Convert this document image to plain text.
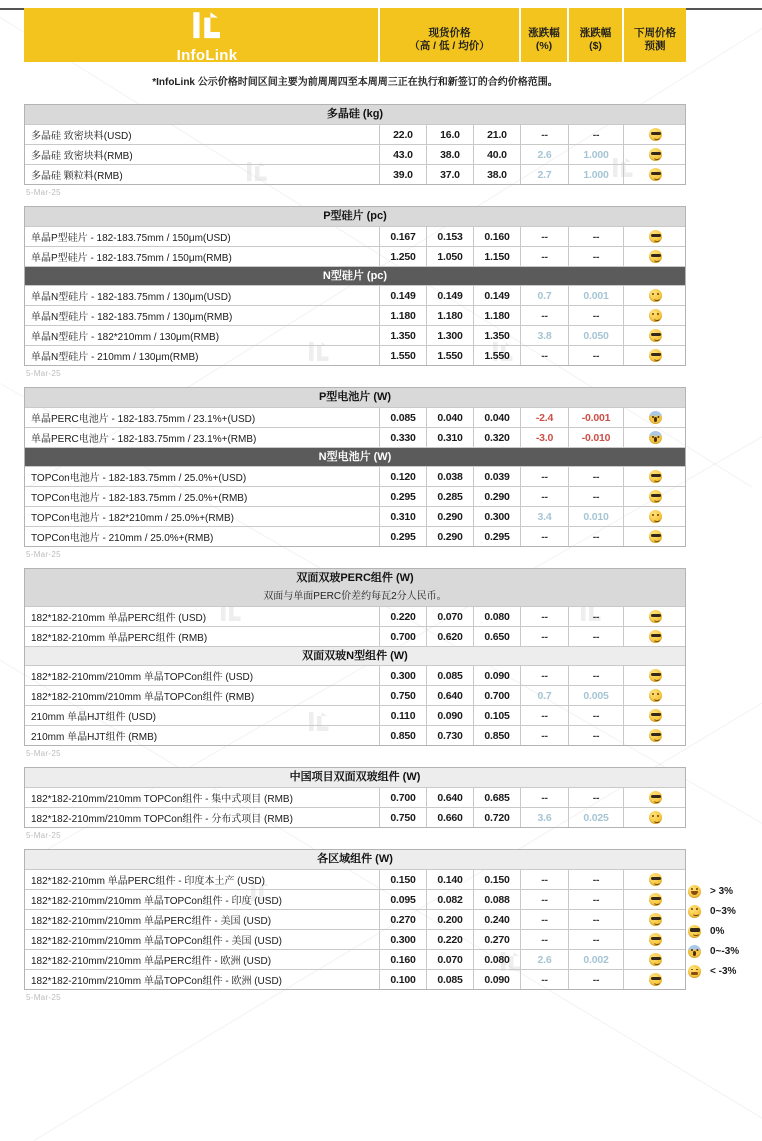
InfoLink
CONSULTING
现货价格
（高 / 低 / 均价）
涨跌幅
(%)
涨跌幅
($)
下周价格
预测
*InfoLink 公示价格时间区间主要为前周周四至本周周三正在执行和新签订的合约价格范围。
多晶硅 (kg)
多晶硅 致密块料(USD)	22.0	16.0	21.0	--	--
多晶硅 致密块料(RMB)	43.0	38.0	40.0	2.6	1.000
多晶硅 颗粒料(RMB)	39.0	37.0	38.0	2.7	1.000
5-Mar-25
P型硅片 (pc)
单晶P型硅片 - 182-183.75mm / 150μm(USD)	0.167	0.153	0.160	--	--
单晶P型硅片 - 182-183.75mm / 150μm(RMB)	1.250	1.050	1.150	--	--
N型硅片 (pc)
单晶N型硅片 - 182-183.75mm / 130μm(USD)	0.149	0.149	0.149	0.7	0.001
单晶N型硅片 - 182-183.75mm / 130μm(RMB)	1.180	1.180	1.180	--	--
单晶N型硅片 - 182*210mm / 130μm(RMB)	1.350	1.300	1.350	3.8	0.050
单晶N型硅片 - 210mm / 130μm(RMB)	1.550	1.550	1.550	--	--
5-Mar-25
P型电池片 (W)
单晶PERC电池片 - 182-183.75mm / 23.1%+(USD)	0.085	0.040	0.040	-2.4	-0.001
单晶PERC电池片 - 182-183.75mm / 23.1%+(RMB)	0.330	0.310	0.320	-3.0	-0.010
N型电池片 (W)
TOPCon电池片 - 182-183.75mm / 25.0%+(USD)	0.120	0.038	0.039	--	--
TOPCon电池片 - 182-183.75mm / 25.0%+(RMB)	0.295	0.285	0.290	--	--
TOPCon电池片 - 182*210mm / 25.0%+(RMB)	0.310	0.290	0.300	3.4	0.010
TOPCon电池片 - 210mm / 25.0%+(RMB)	0.295	0.290	0.295	--	--
5-Mar-25
双面双玻PERC组件 (W)
双面与单面PERC价差约每瓦2分人民币。
182*182-210mm 单晶PERC组件 (USD)	0.220	0.070	0.080	--	--
182*182-210mm 单晶PERC组件 (RMB)	0.700	0.620	0.650	--	--
双面双玻N型组件 (W)
182*182-210mm/210mm 单晶TOPCon组件 (USD)	0.300	0.085	0.090	--	--
182*182-210mm/210mm 单晶TOPCon组件 (RMB)	0.750	0.640	0.700	0.7	0.005
210mm 单晶HJT组件 (USD)	0.110	0.090	0.105	--	--
210mm 单晶HJT组件 (RMB)	0.850	0.730	0.850	--	--
5-Mar-25
中国项目双面双玻组件 (W)
182*182-210mm/210mm TOPCon组件 - 集中式项目 (RMB)	0.700	0.640	0.685	--	--
182*182-210mm/210mm TOPCon组件 - 分布式项目 (RMB)	0.750	0.660	0.720	3.6	0.025
5-Mar-25
各区域组件 (W)
182*182-210mm 单晶PERC组件 - 印度本土产 (USD)	0.150	0.140	0.150	--	--
182*182-210mm/210mm 单晶TOPCon组件 - 印度 (USD)	0.095	0.082	0.088	--	--
182*182-210mm/210mm 单晶PERC组件 - 美国 (USD)	0.270	0.200	0.240	--	--
182*182-210mm/210mm 单晶TOPCon组件 - 美国 (USD)	0.300	0.220	0.270	--	--
182*182-210mm/210mm 单晶PERC组件 - 欧洲 (USD)	0.160	0.070	0.080	2.6	0.002
182*182-210mm/210mm 单晶TOPCon组件 - 欧洲 (USD)	0.100	0.085	0.090	--	--
5-Mar-25
> 3%
0~3%
0%
0~-3%
< -3%
